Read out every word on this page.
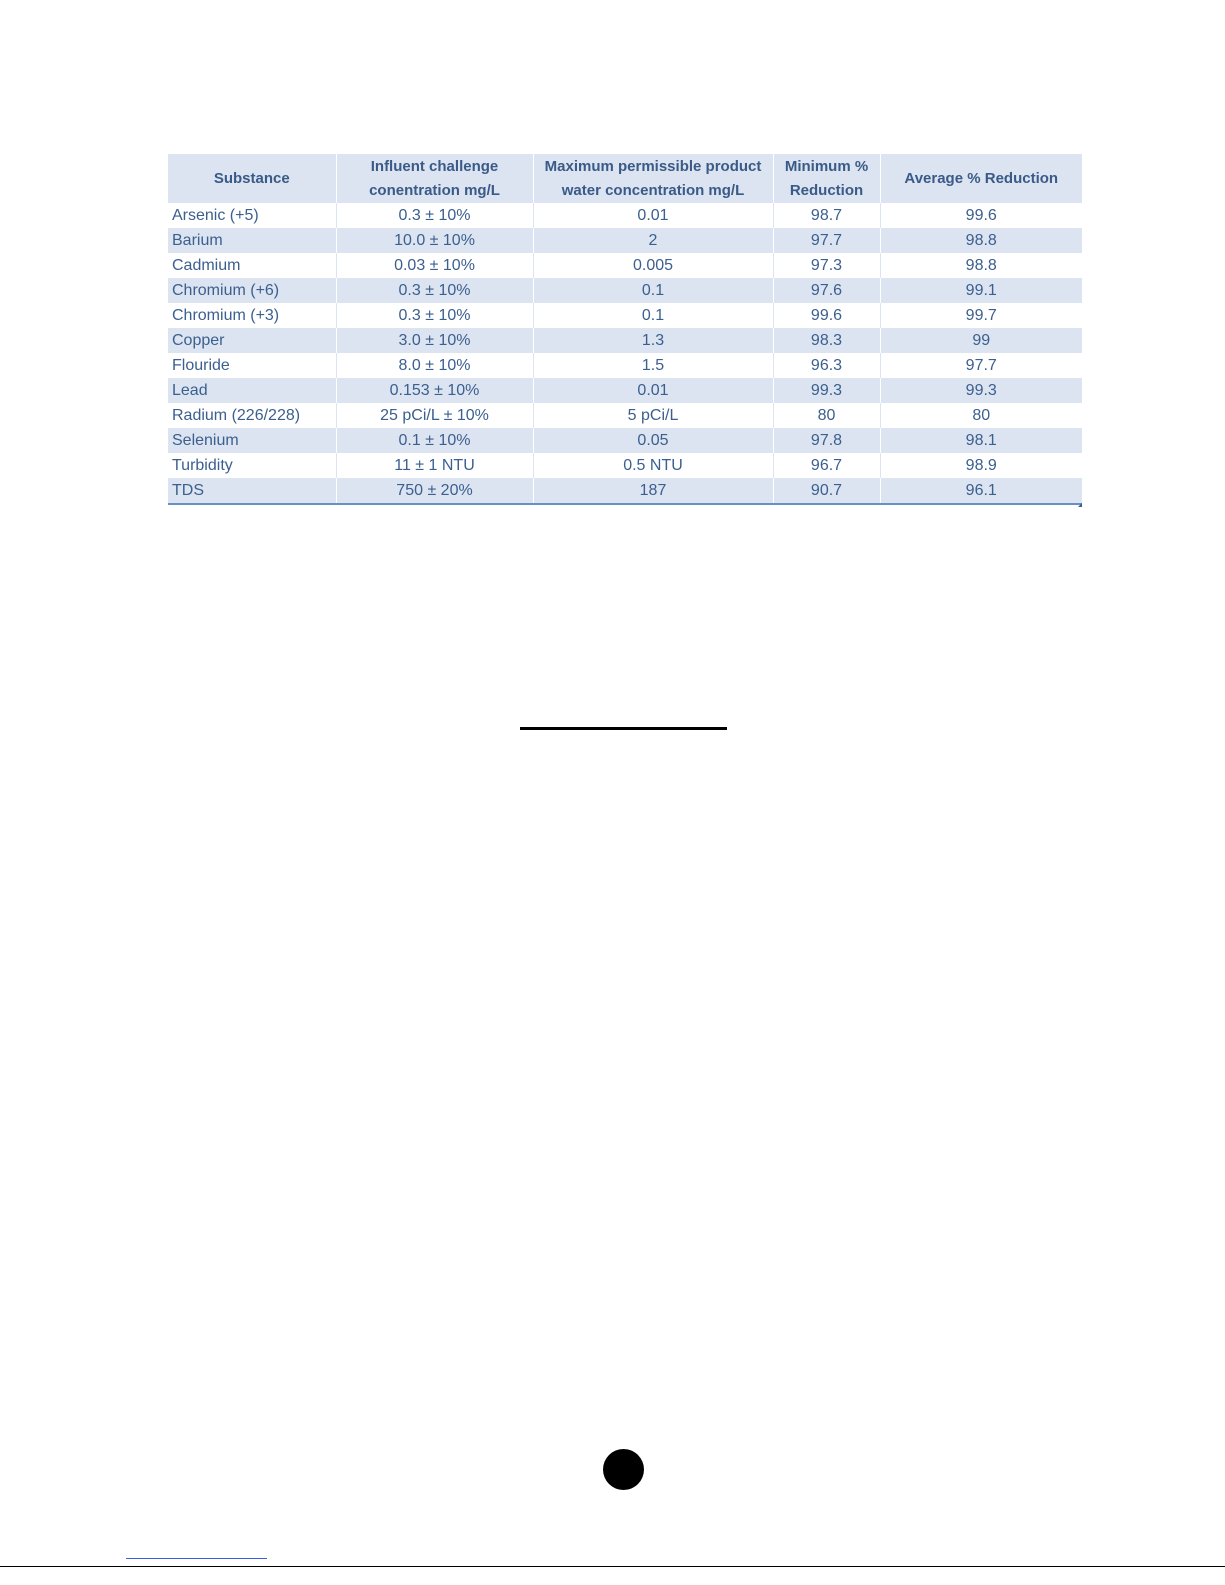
Substance	Influent challenge conentration mg/L	Maximum permissible product water concentration mg/L	Minimum % Reduction	Average % Reduction
Arsenic (+5)	0.3 ± 10%	0.01	98.7	99.6
Barium	10.0 ± 10%	2	97.7	98.8
Cadmium	0.03 ± 10%	0.005	97.3	98.8
Chromium (+6)	0.3 ± 10%	0.1	97.6	99.1
Chromium (+3)	0.3 ± 10%	0.1	99.6	99.7
Copper	3.0 ± 10%	1.3	98.3	99
Flouride	8.0 ± 10%	1.5	96.3	97.7
Lead	0.153 ± 10%	0.01	99.3	99.3
Radium (226/228)	25 pCi/L ± 10%	5 pCi/L	80	80
Selenium	0.1 ± 10%	0.05	97.8	98.1
Turbidity	11 ± 1 NTU	0.5 NTU	96.7	98.9
TDS	750 ± 20%	187	90.7	96.1
